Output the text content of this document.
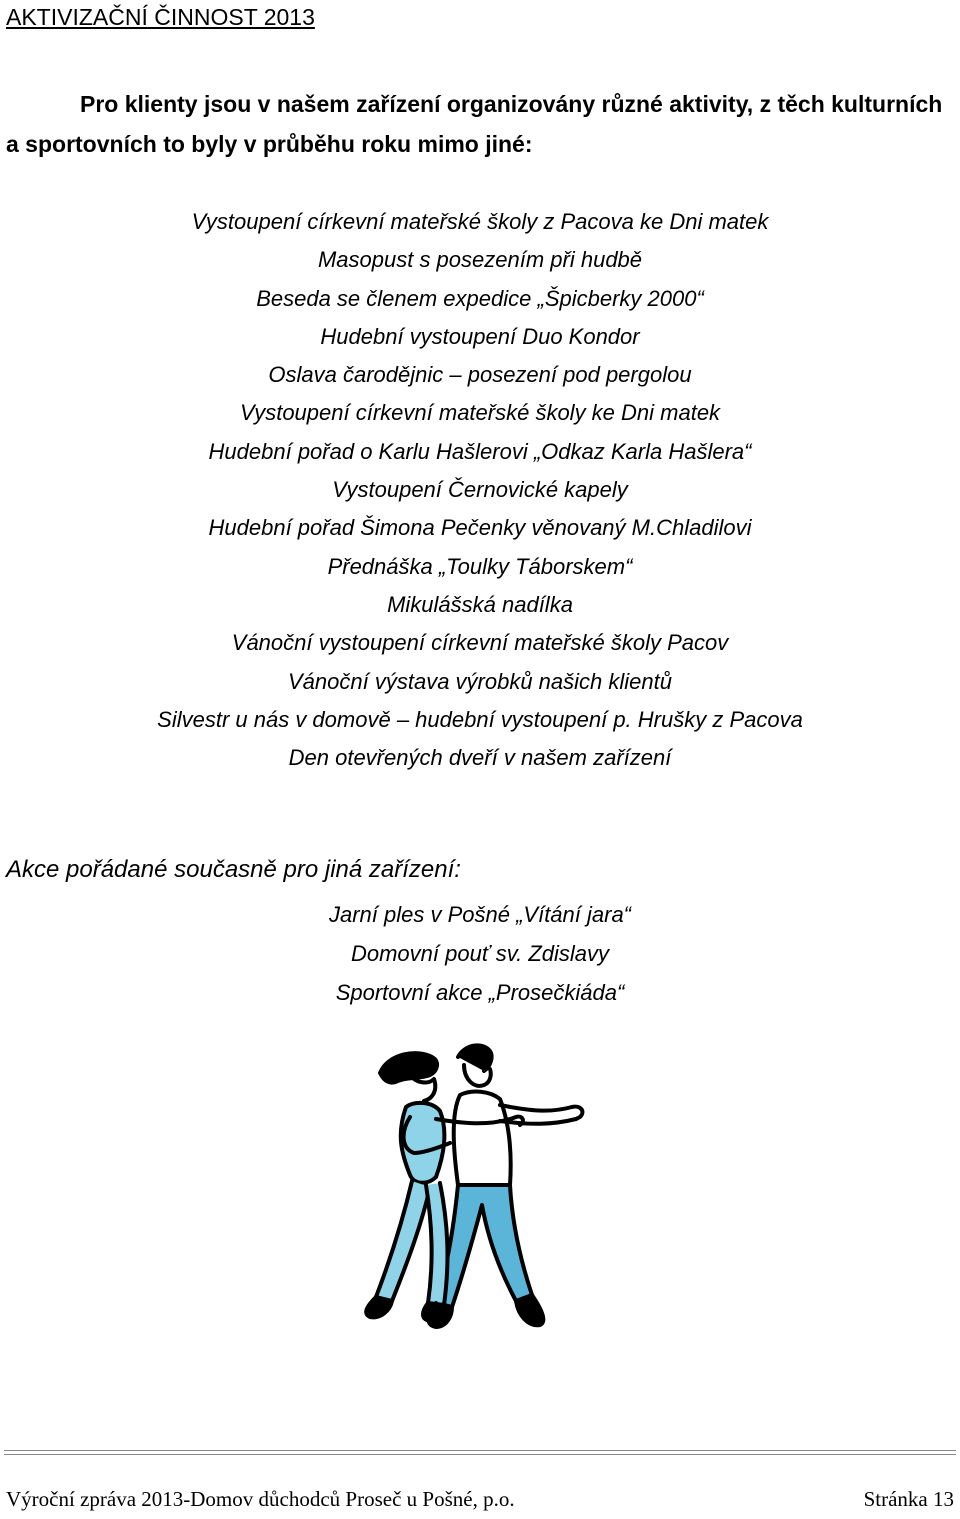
AKTIVIZAČNÍ ČINNOST 2013

Pro klienty jsou v našem zařízení organizovány různé aktivity, z těch kulturních a sportovních to byly v průběhu roku mimo jiné:

Vystoupení církevní mateřské školy z Pacova ke Dni matek
Masopust s posezením při hudbě
Beseda se členem expedice „Špicberky 2000“
Hudební vystoupení Duo Kondor
Oslava čarodějnic – posezení pod pergolou
Vystoupení církevní mateřské školy ke Dni matek
Hudební pořad o Karlu Hašlerovi „Odkaz Karla Hašlera“
Vystoupení Černovické kapely
Hudební pořad Šimona Pečenky věnovaný M.Chladilovi
Přednáška „Toulky Táborskem“
Mikulášská nadílka
Vánoční vystoupení církevní mateřské školy Pacov
Vánoční výstava výrobků našich klientů
Silvestr u nás v domově – hudební vystoupení p. Hrušky z Pacova
Den otevřených dveří v našem zařízení
Akce pořádané současně pro jiná zařízení:
Jarní ples v Pošné „Vítání jara“
Domovní pouť sv. Zdislavy
Sportovní akce „Prosečkiáda“
Výroční zpráva 2013-Domov důchodců Proseč u Pošné, p.o.	Stránka 13
